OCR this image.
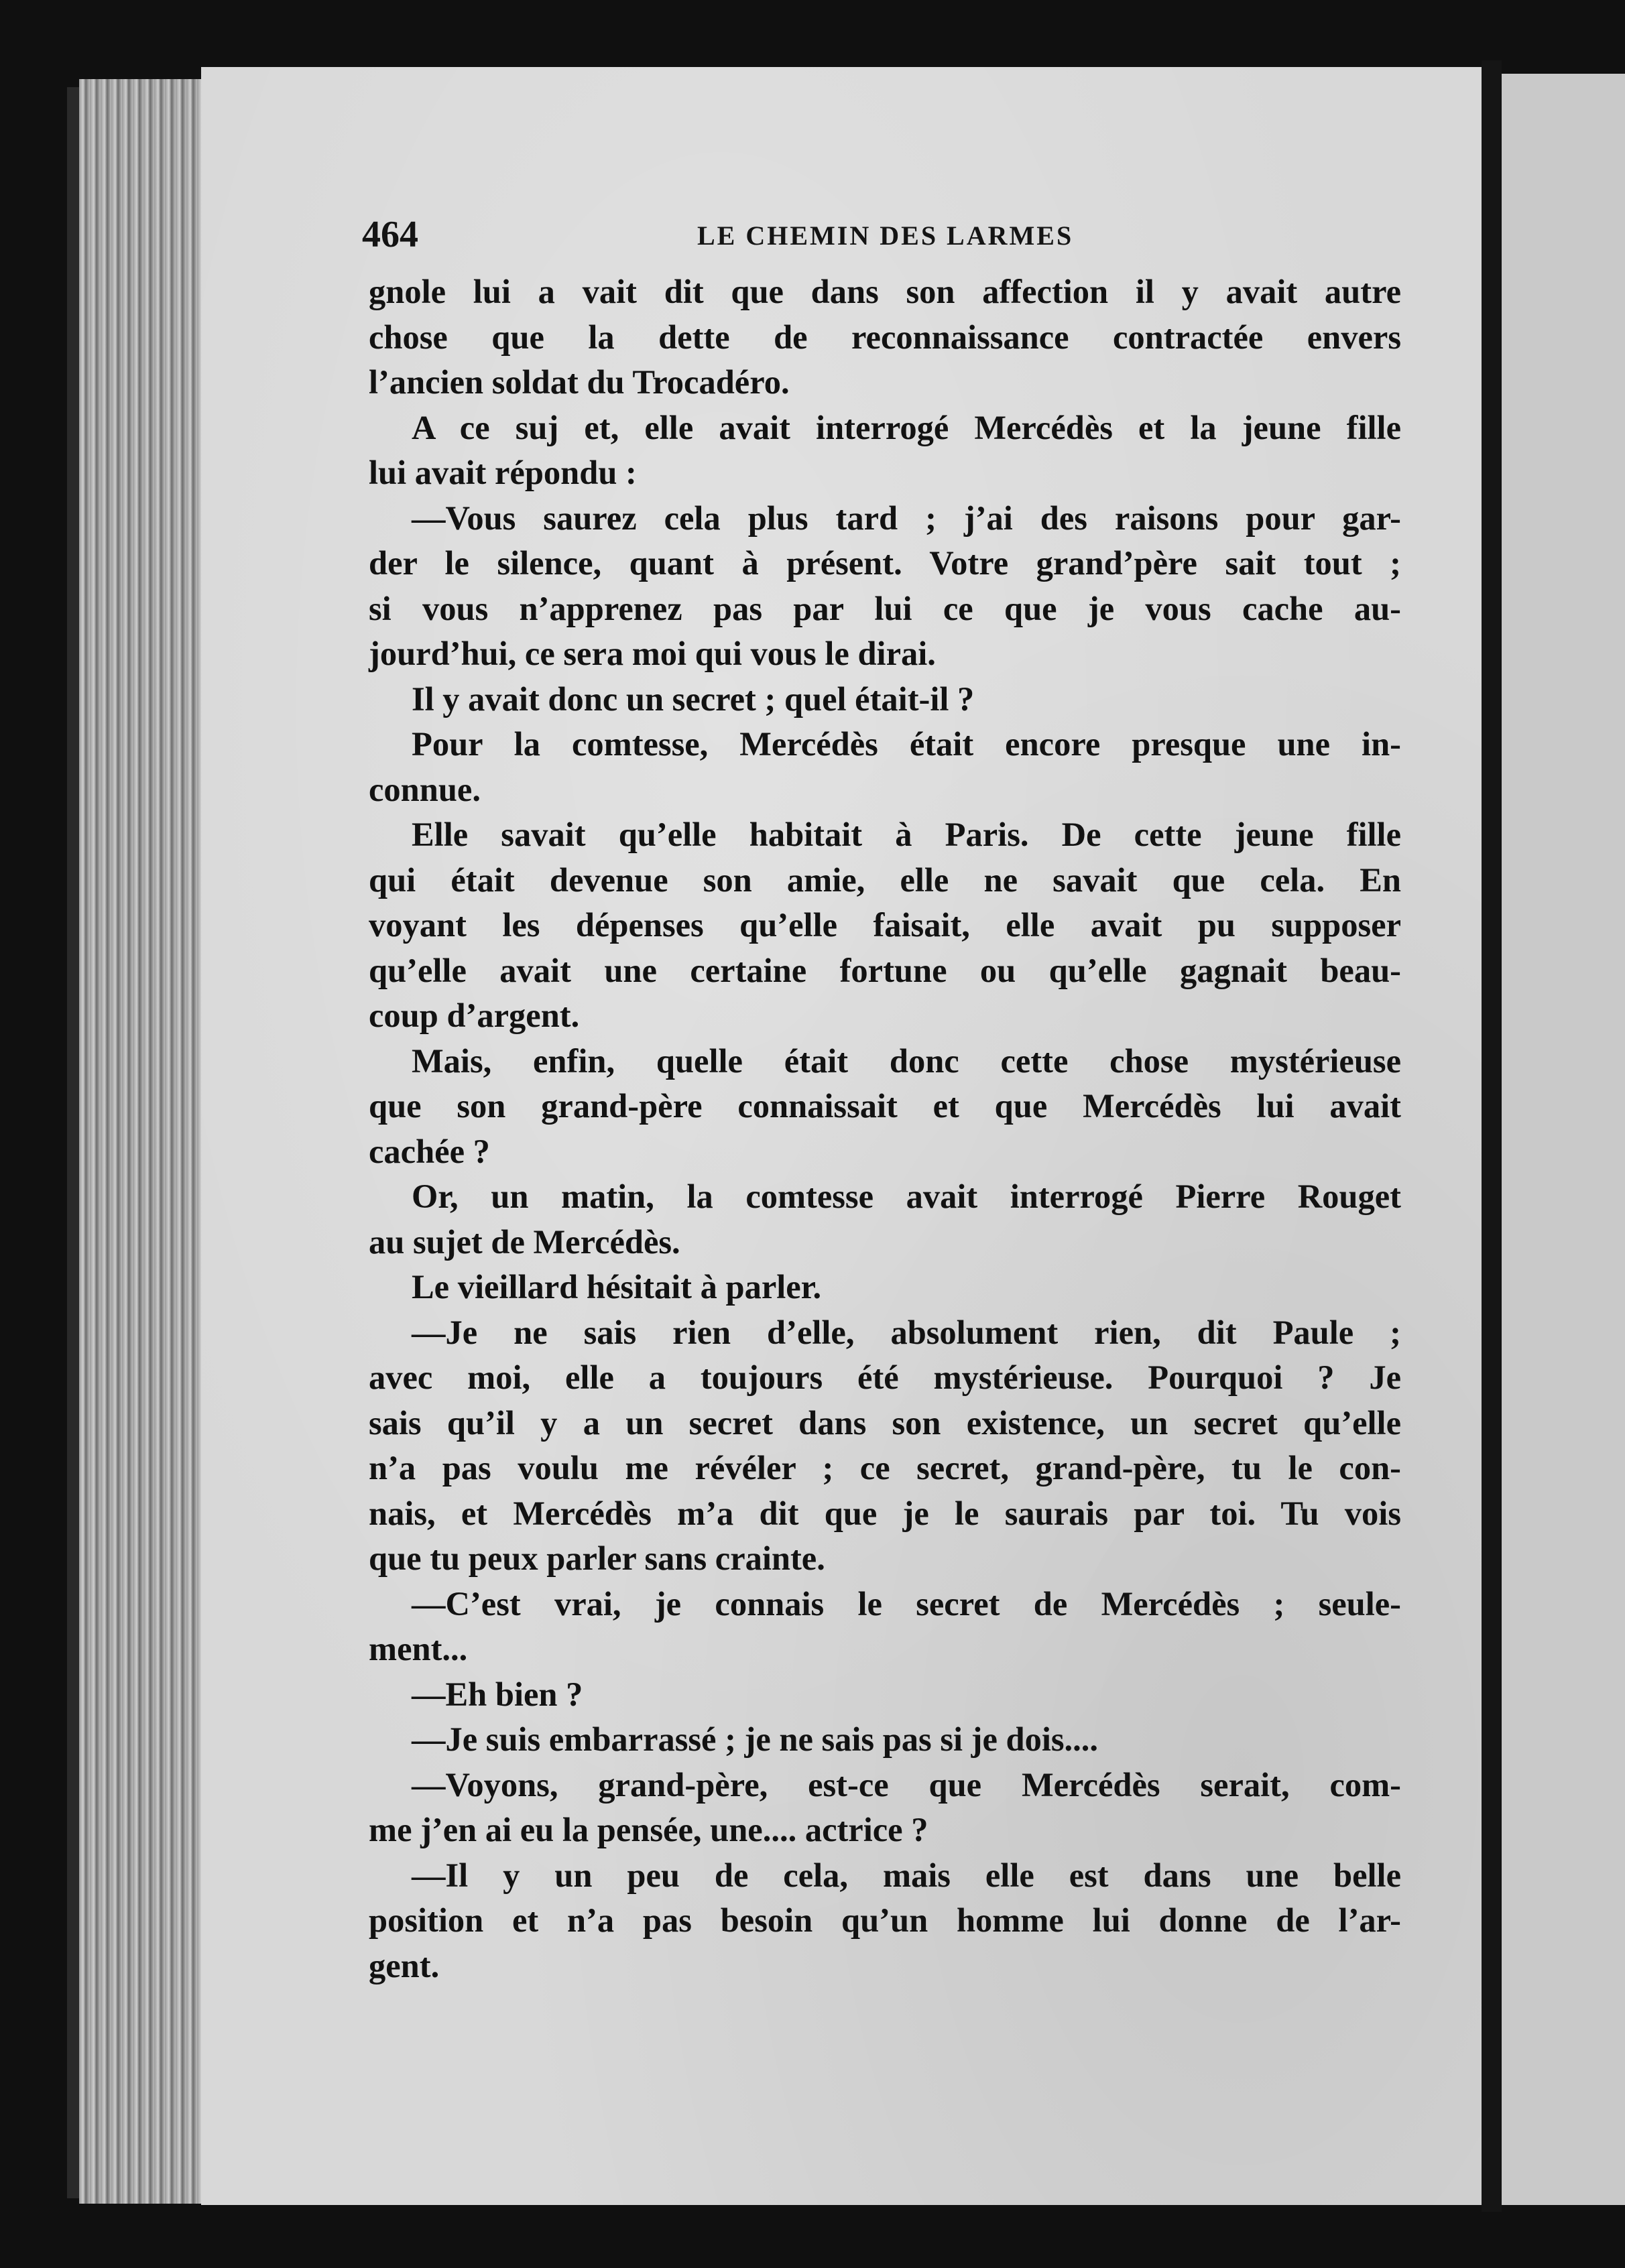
464	LE CHEMIN DES LARMES
gnole lui a vait dit que dans son affection il y avait autre
chose que la dette de reconnaissance contractée envers
l’ancien soldat du Trocadéro.
A ce suj et, elle avait interrogé Mercédès et la jeune fille
lui avait répondu :
—Vous saurez cela plus tard ; j’ai des raisons pour gar-
der le silence, quant à présent. Votre grand’père sait tout ;
si vous n’apprenez pas par lui ce que je vous cache au-
jourd’hui, ce sera moi qui vous le dirai.
Il y avait donc un secret ; quel était-il ?
Pour la comtesse, Mercédès était encore presque une in-
connue.
Elle savait qu’elle habitait à Paris. De cette jeune fille
qui était devenue son amie, elle ne savait que cela. En
voyant les dépenses qu’elle faisait, elle avait pu supposer
qu’elle avait une certaine fortune ou qu’elle gagnait beau-
coup d’argent.
Mais, enfin, quelle était donc cette chose mystérieuse
que son grand-père connaissait et que Mercédès lui avait
cachée ?
Or, un matin, la comtesse avait interrogé Pierre Rouget
au sujet de Mercédès.
Le vieillard hésitait à parler.
—Je ne sais rien d’elle, absolument rien, dit Paule ;
avec moi, elle a toujours été mystérieuse. Pourquoi ? Je
sais qu’il y a un secret dans son existence, un secret qu’elle
n’a pas voulu me révéler ; ce secret, grand-père, tu le con-
nais, et Mercédès m’a dit que je le saurais par toi. Tu vois
que tu peux parler sans crainte.
—C’est vrai, je connais le secret de Mercédès ; seule-
ment...
—Eh bien ?
—Je suis embarrassé ; je ne sais pas si je dois....
—Voyons, grand-père, est-ce que Mercédès serait, com-
me j’en ai eu la pensée, une.... actrice ?
—Il y un peu de cela, mais elle est dans une belle
position et n’a pas besoin qu’un homme lui donne de l’ar-
gent.
